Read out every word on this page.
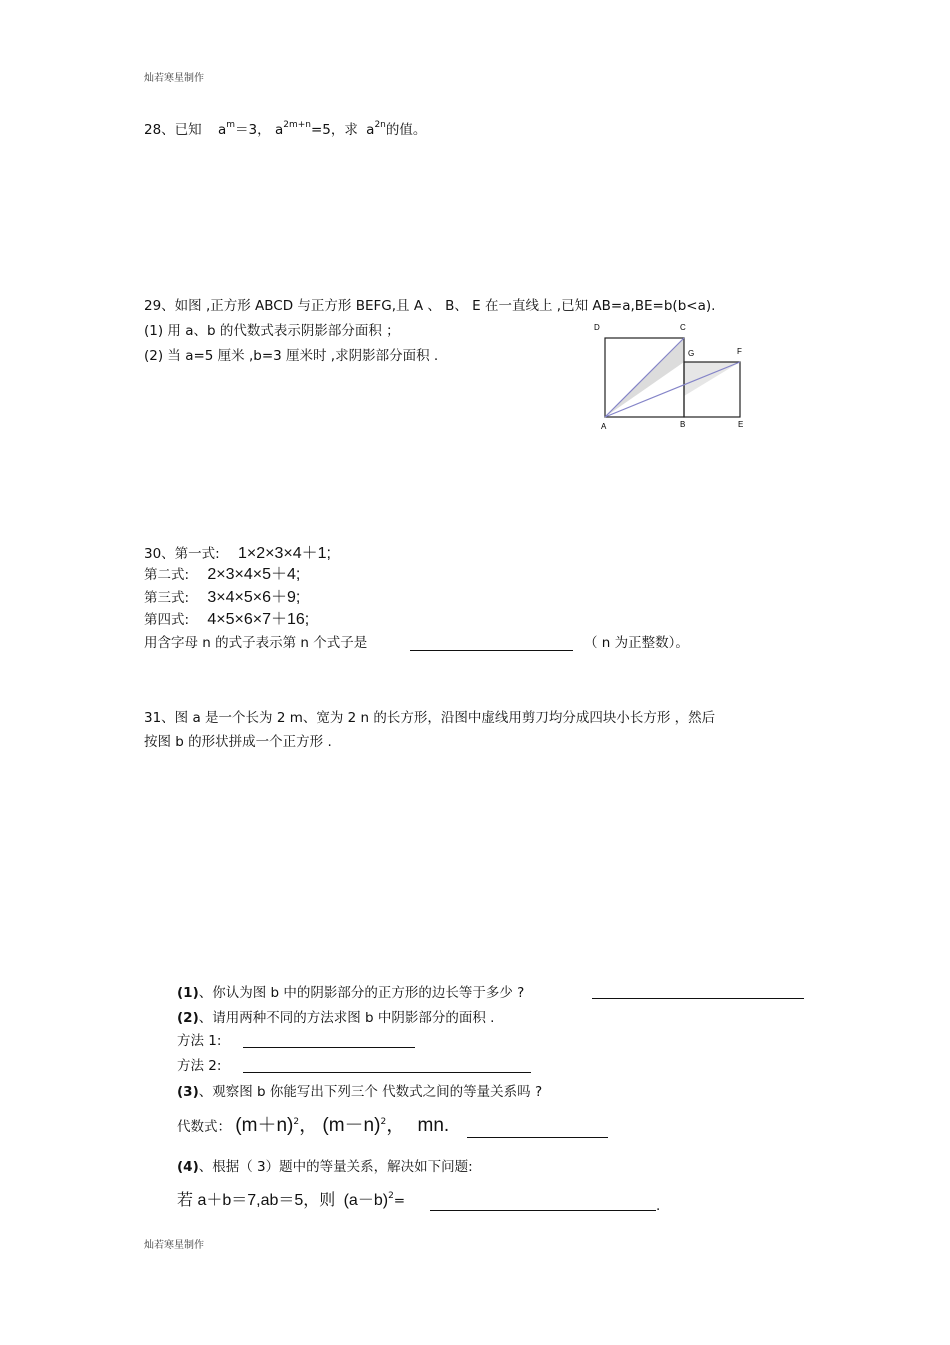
灿若寒星制作
灿若寒星制作
28、已知 $a^m=3$， $a^{2m+n}=5$，求 $a^{2n}$的值。
29、如图 ,正方形 ABCD 与正方形 BEFG,且 A 、 B、 E 在一直线上 ,已知 AB=a,BE=b(b<a).
(1) 用 a、b 的代数式表示阴影部分面积 ；
(2) 当 a=5 厘米 ,b=3 厘米时 ,求阴影部分面积 .
D	C
G	F
A	B	E
30、第一式: 1×2×3×4＋1;
第二式: 2×3×4×5＋4;
第三式: 3×4×5×6＋9;
第四式: 4×5×6×7＋16;
用含字母 n 的式子表示第 n 个式子是	（ n 为正整数）。
31、图 a 是一个长为 2 m、宽为 2 n 的长方形，沿图中虚线用剪刀均分成四块小长方形 ，然后
按图 b 的形状拼成一个正方形 .
(1)、你认为图 b 中的阴影部分的正方形的边长等于多少 ?
(2)、请用两种不同的方法求图 b 中阴影部分的面积 .
方法 1:
方法 2:
(3)、观察图 b 你能写出下列三个 代数式之间的等量关系吗 ?
代数式： $(m+n)^2$， $(m-n)^2$， mn.
(4)、根据（ 3）题中的等量关系，解决如下问题:
若 a＋b＝7,ab＝5，则 $(a-b)^2=$	.
